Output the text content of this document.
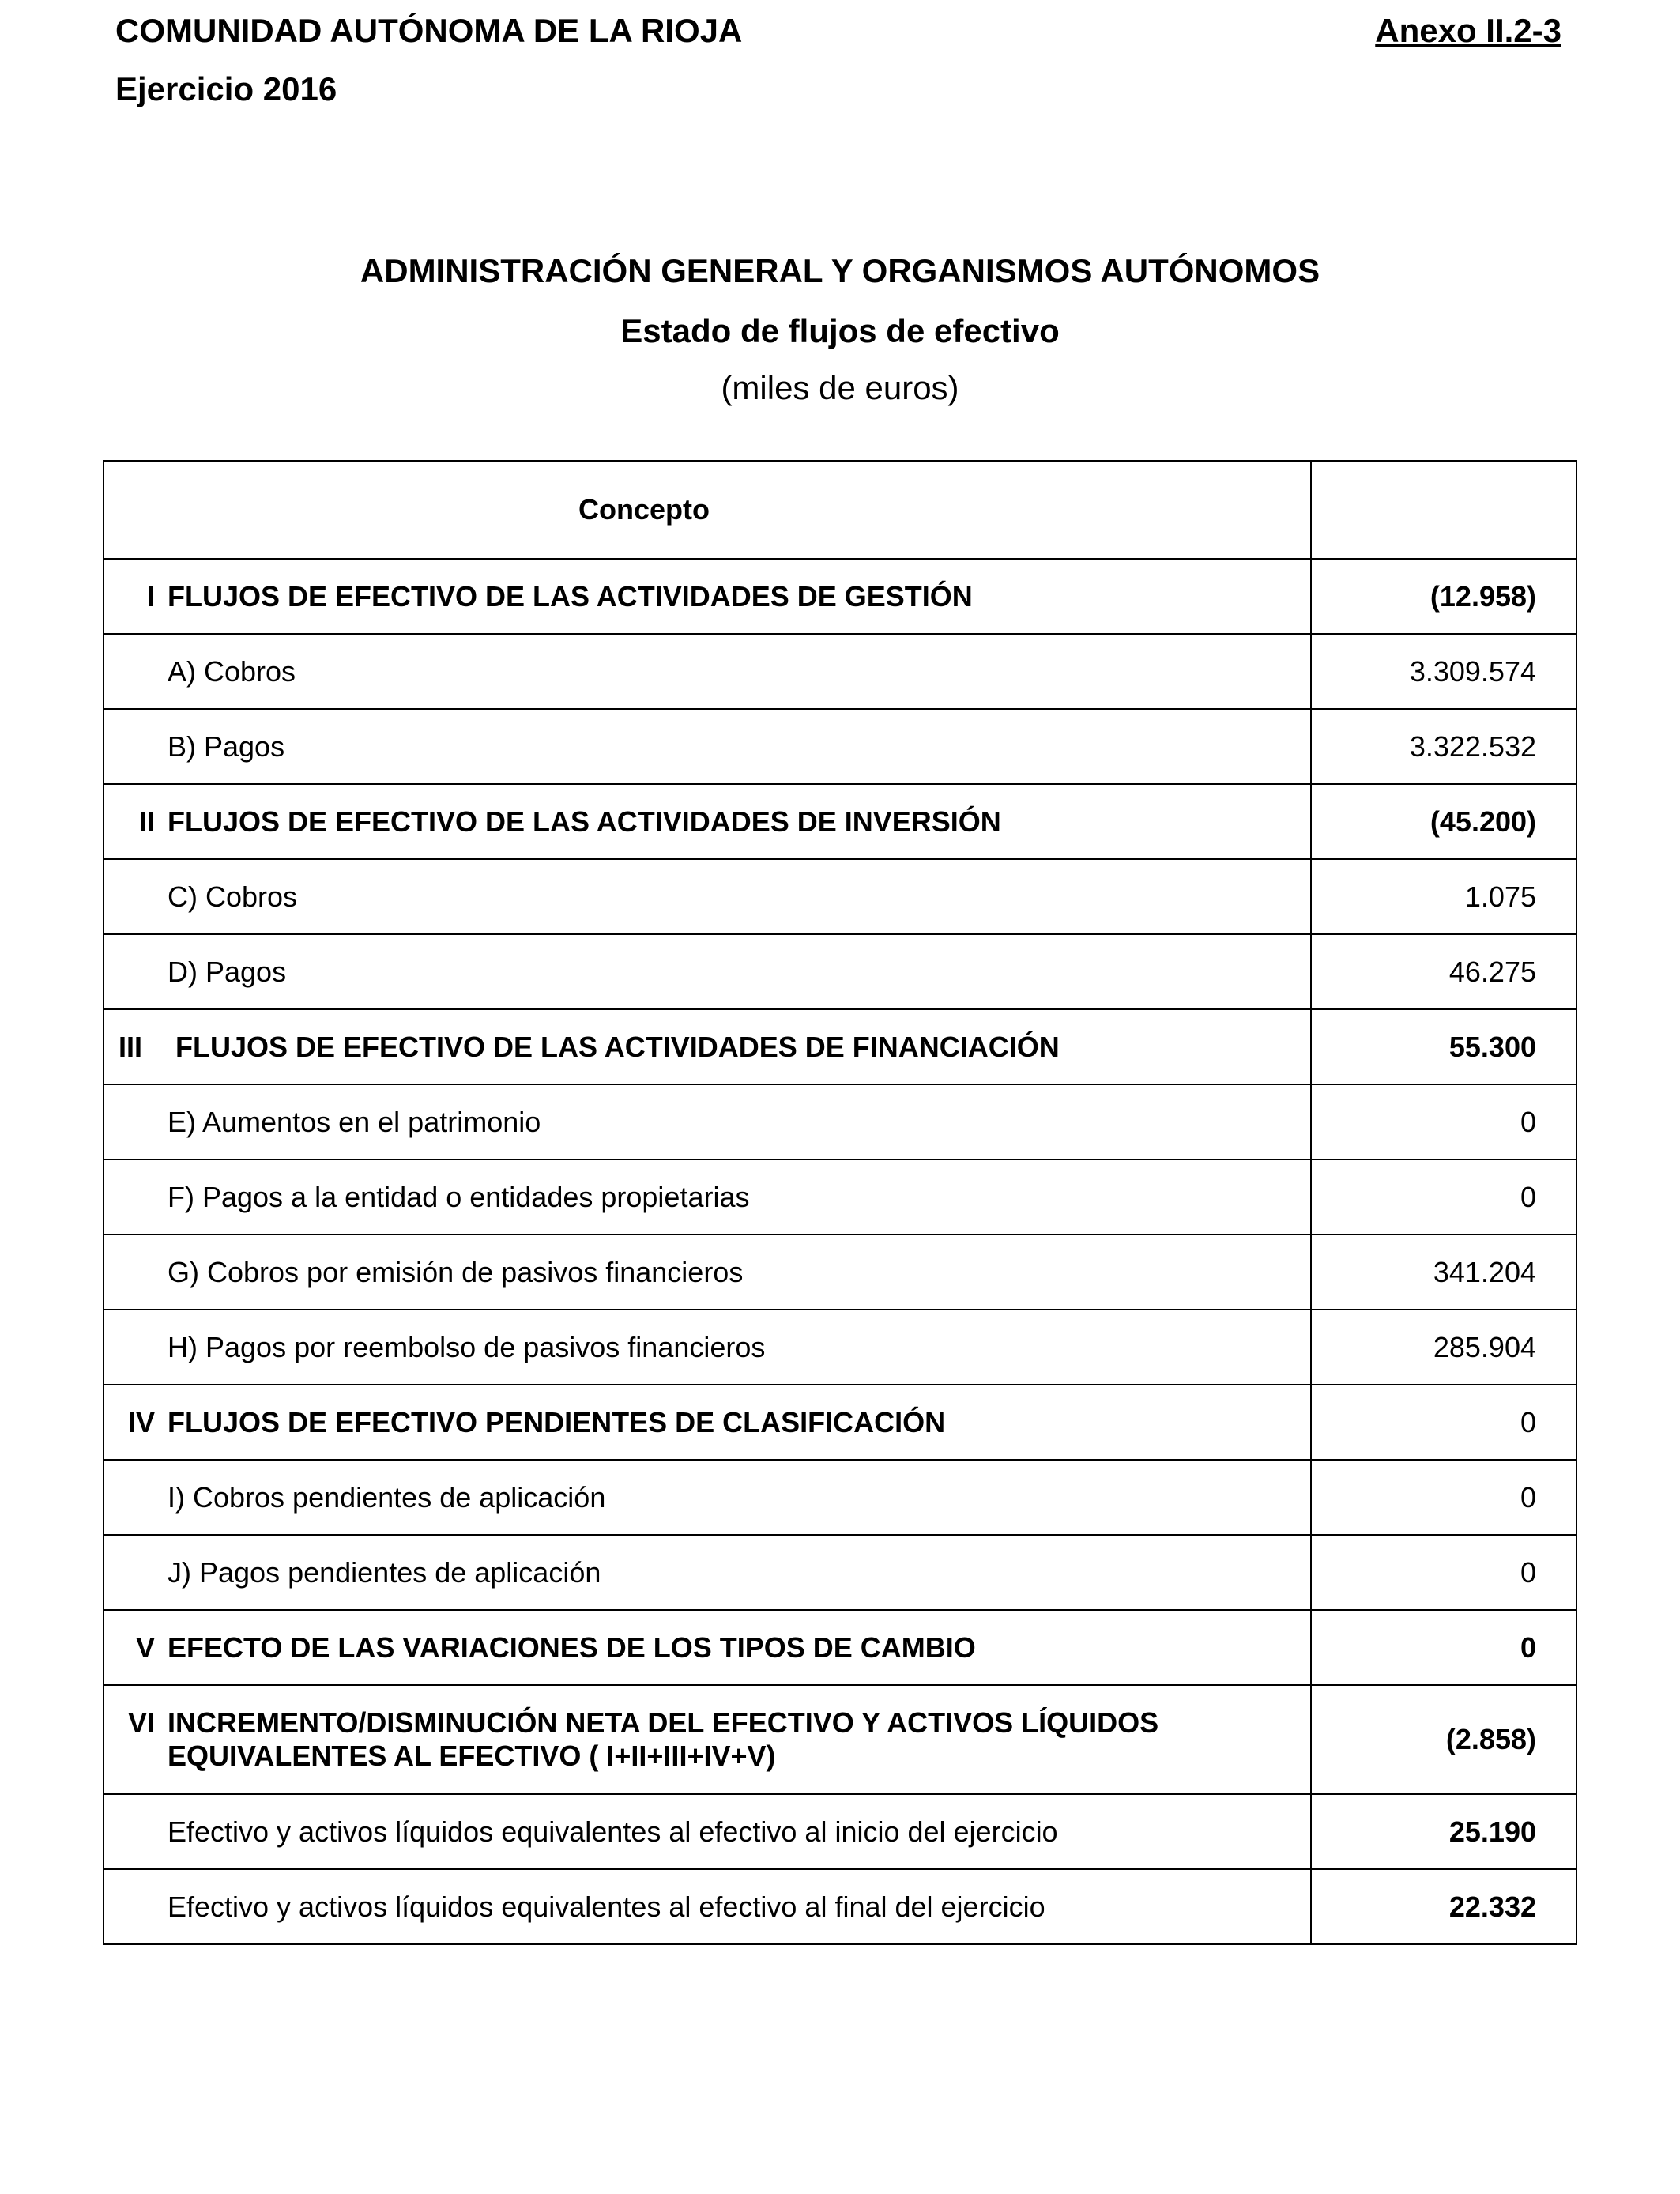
COMUNIDAD AUTÓNOMA DE LA RIOJA
Ejercicio 2016
Anexo II.2-3
ADMINISTRACIÓN GENERAL Y ORGANISMOS AUTÓNOMOS
Estado de flujos de efectivo
(miles de euros)
Concepto	

I FLUJOS DE EFECTIVO DE LAS ACTIVIDADES DE GESTIÓN	(12.958)

A) Cobros	3.309.574

B) Pagos	3.322.532

II FLUJOS DE EFECTIVO DE LAS ACTIVIDADES DE INVERSIÓN	(45.200)

C) Cobros	1.075

D) Pagos	46.275

III FLUJOS DE EFECTIVO DE LAS ACTIVIDADES DE FINANCIACIÓN	55.300

E) Aumentos en el patrimonio	0

F) Pagos a la entidad o entidades propietarias	0

G) Cobros por emisión de pasivos financieros	341.204

H) Pagos por reembolso de pasivos financieros	285.904

IV FLUJOS DE EFECTIVO PENDIENTES DE CLASIFICACIÓN	0

I) Cobros pendientes de aplicación	0

J) Pagos pendientes de aplicación	0

V EFECTO DE LAS VARIACIONES DE LOS TIPOS DE CAMBIO	0

VI INCREMENTO/DISMINUCIÓN NETA DEL EFECTIVO Y ACTIVOS LÍQUIDOS
EQUIVALENTES AL EFECTIVO ( I+II+III+IV+V)	(2.858)

Efectivo y activos líquidos equivalentes al efectivo al inicio del ejercicio	25.190

Efectivo y activos líquidos equivalentes al efectivo al final del ejercicio	22.332
